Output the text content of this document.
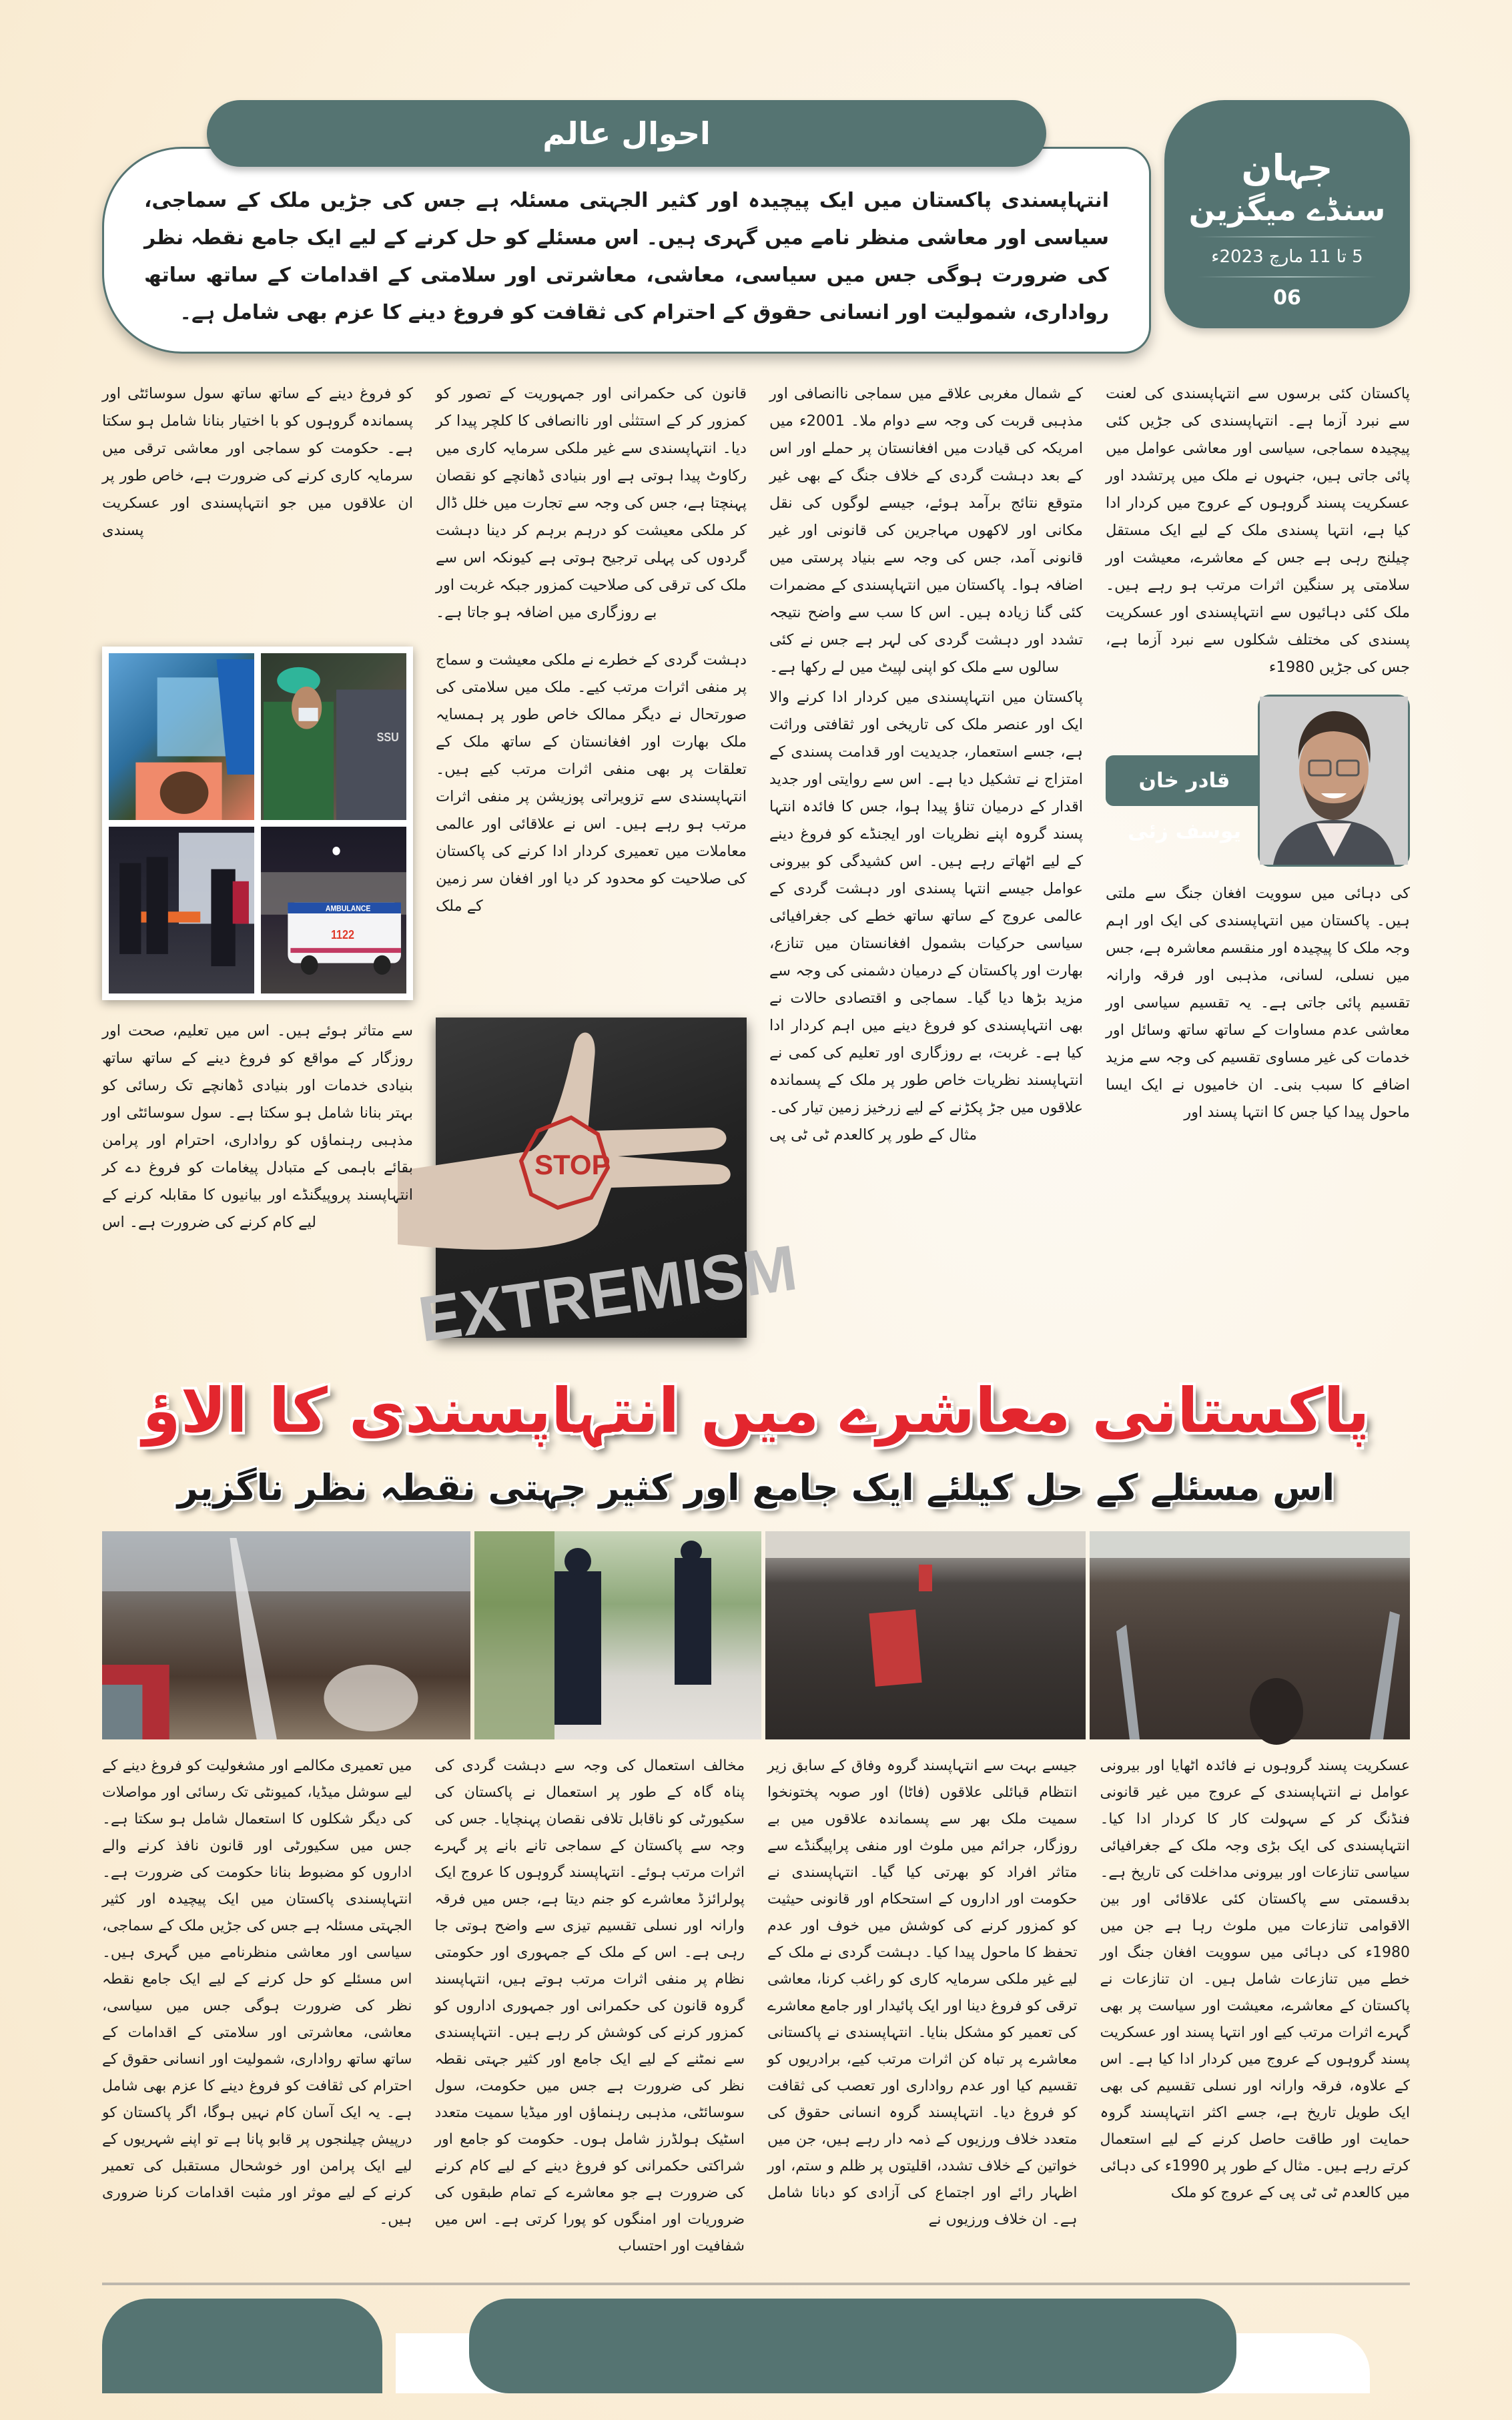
جہان
سنڈے میگزین
5 تا 11 مارچ 2023ء
06
احوال عالم
انتہاپسندی پاکستان میں ایک پیچیدہ اور کثیر الجہتی مسئلہ ہے جس کی جڑیں ملک کے سماجی، سیاسی اور معاشی منظر نامے میں گہری ہیں۔ اس مسئلے کو حل کرنے کے لیے ایک جامع نقطہ نظر کی ضرورت ہوگی جس میں سیاسی، معاشی، معاشرتی اور سلامتی کے اقدامات کے ساتھ ساتھ رواداری، شمولیت اور انسانی حقوق کے احترام کی ثقافت کو فروغ دینے کا عزم بھی شامل ہے۔

پاکستان کئی برسوں سے انتہاپسندی کی لعنت سے نبرد آزما ہے۔ انتہاپسندی کی جڑیں کئی پیچیدہ سماجی، سیاسی اور معاشی عوامل میں پائی جاتی ہیں، جنہوں نے ملک میں پرتشدد اور عسکریت پسند گروہوں کے عروج میں کردار ادا کیا ہے، انتہا پسندی ملک کے لیے ایک مستقل چیلنج رہی ہے جس کے معاشرے، معیشت اور سلامتی پر سنگین اثرات مرتب ہو رہے ہیں۔ ملک کئی دہائیوں سے انتہاپسندی اور عسکریت پسندی کی مختلف شکلوں سے نبرد آزما ہے، جس کی جڑیں 1980ء

قادر خان یوسف زئی

کی دہائی میں سوویت افغان جنگ سے ملتی ہیں۔ پاکستان میں انتہاپسندی کی ایک اور اہم وجہ ملک کا پیچیدہ اور منقسم معاشرہ ہے، جس میں نسلی، لسانی، مذہبی اور فرقہ وارانہ تقسیم پائی جاتی ہے۔ یہ تقسیم سیاسی اور معاشی عدم مساوات کے ساتھ ساتھ وسائل اور خدمات کی غیر مساوی تقسیم کی وجہ سے مزید اضافے کا سبب بنی۔ ان خامیوں نے ایک ایسا ماحول پیدا کیا جس کا انتہا پسند اور

کے شمال مغربی علاقے میں سماجی ناانصافی اور مذہبی قربت کی وجہ سے دوام ملا۔ 2001ء میں امریکہ کی قیادت میں افغانستان پر حملے اور اس کے بعد دہشت گردی کے خلاف جنگ کے بھی غیر متوقع نتائج برآمد ہوئے، جیسے لوگوں کی نقل مکانی اور لاکھوں مہاجرین کی قانونی اور غیر قانونی آمد، جس کی وجہ سے بنیاد پرستی میں اضافہ ہوا۔ پاکستان میں انتہاپسندی کے مضمرات کئی گنا زیادہ ہیں۔ اس کا سب سے واضح نتیجہ تشدد اور دہشت گردی کی لہر ہے جس نے کئی سالوں سے ملک کو اپنی لپیٹ میں لے رکھا ہے۔

پاکستان میں انتہاپسندی میں کردار ادا کرنے والا ایک اور عنصر ملک کی تاریخی اور ثقافتی وراثت ہے، جسے استعمار، جدیدیت اور قدامت پسندی کے امتزاج نے تشکیل دیا ہے۔ اس سے روایتی اور جدید اقدار کے درمیان تناؤ پیدا ہوا، جس کا فائدہ انتہا پسند گروہ اپنے نظریات اور ایجنڈے کو فروغ دینے کے لیے اٹھاتے رہے ہیں۔ اس کشیدگی کو بیرونی عوامل جیسے انتہا پسندی اور دہشت گردی کے عالمی عروج کے ساتھ ساتھ خطے کی جغرافیائی سیاسی حرکیات بشمول افغانستان میں تنازع، بھارت اور پاکستان کے درمیان دشمنی کی وجہ سے مزید بڑھا دیا گیا۔ سماجی و اقتصادی حالات نے بھی انتہاپسندی کو فروغ دینے میں اہم کردار ادا کیا ہے۔ غربت، بے روزگاری اور تعلیم کی کمی نے انتہاپسند نظریات خاص طور پر ملک کے پسماندہ علاقوں میں جڑ پکڑنے کے لیے زرخیز زمین تیار کی۔ مثال کے طور پر کالعدم ٹی ٹی پی

قانون کی حکمرانی اور جمہوریت کے تصور کو کمزور کر کے استثنٰی اور ناانصافی کا کلچر پیدا کر دیا۔ انتہاپسندی سے غیر ملکی سرمایہ کاری میں رکاوٹ پیدا ہوتی ہے اور بنیادی ڈھانچے کو نقصان پہنچتا ہے، جس کی وجہ سے تجارت میں خلل ڈال کر ملکی معیشت کو درہم برہم کر دینا دہشت گردوں کی پہلی ترجیح ہوتی ہے کیونکہ اس سے ملک کی ترقی کی صلاحیت کمزور جبکہ غربت اور بے روزگاری میں اضافہ ہو جاتا ہے۔

کو فروغ دینے کے ساتھ ساتھ سول سوسائٹی اور پسماندہ گروہوں کو با اختیار بنانا شامل ہو سکتا ہے۔ حکومت کو سماجی اور معاشی ترقی میں سرمایہ کاری کرنے کی ضرورت ہے، خاص طور پر ان علاقوں میں جو انتہاپسندی اور عسکریت پسندی

دہشت گردی کے خطرے نے ملکی معیشت و سماج پر منفی اثرات مرتب کیے۔ ملک میں سلامتی کی صورتحال نے دیگر ممالک خاص طور پر ہمسایہ ملک بھارت اور افغانستان کے ساتھ ملک کے تعلقات پر بھی منفی اثرات مرتب کیے ہیں۔ انتہاپسندی سے تزویراتی پوزیشن پر منفی اثرات مرتب ہو رہے ہیں۔ اس نے علاقائی اور عالمی معاملات میں تعمیری کردار ادا کرنے کی پاکستان کی صلاحیت کو محدود کر دیا اور افغان سر زمین کے ملک

SSU
AMBULANCE
1122
STOP
EXTREMISM

سے متاثر ہوئے ہیں۔ اس میں تعلیم، صحت اور روزگار کے مواقع کو فروغ دینے کے ساتھ ساتھ بنیادی خدمات اور بنیادی ڈھانچے تک رسائی کو بہتر بنانا شامل ہو سکتا ہے۔ سول سوسائٹی اور مذہبی رہنماؤں کو رواداری، احترام اور پرامن بقائے باہمی کے متبادل پیغامات کو فروغ دے کر انتہاپسند پروپیگنڈے اور بیانیوں کا مقابلہ کرنے کے لیے کام کرنے کی ضرورت ہے۔ اس

پاکستانی معاشرے میں انتہاپسندی کا الاؤ
اس مسئلے کے حل کیلئے ایک جامع اور کثیر جہتی نقطہ نظر ناگزیر

عسکریت پسند گروہوں نے فائدہ اٹھایا اور بیرونی عوامل نے انتہاپسندی کے عروج میں غیر قانونی فنڈنگ کر کے سہولت کار کا کردار ادا کیا۔ انتہاپسندی کی ایک بڑی وجہ ملک کے جغرافیائی سیاسی تنازعات اور بیرونی مداخلت کی تاریخ ہے۔ بدقسمتی سے پاکستان کئی علاقائی اور بین الاقوامی تنازعات میں ملوث رہا ہے جن میں 1980ء کی دہائی میں سوویت افغان جنگ اور خطے میں تنازعات شامل ہیں۔ ان تنازعات نے پاکستان کے معاشرے، معیشت اور سیاست پر بھی گہرے اثرات مرتب کیے اور انتہا پسند اور عسکریت پسند گروہوں کے عروج میں کردار ادا کیا ہے۔ اس کے علاوہ، فرقہ وارانہ اور نسلی تقسیم کی بھی ایک طویل تاریخ ہے، جسے اکثر انتہاپسند گروہ حمایت اور طاقت حاصل کرنے کے لیے استعمال کرتے رہے ہیں۔ مثال کے طور پر 1990ء کی دہائی میں کالعدم ٹی ٹی پی کے عروج کو ملک

جیسے بہت سے انتہاپسند گروہ وفاق کے سابق زیر انتظام قبائلی علاقوں (فاٹا) اور صوبہ پختونخوا سمیت ملک بھر سے پسماندہ علاقوں میں بے روزگار، جرائم میں ملوث اور منفی پراپیگنڈے سے متاثر افراد کو بھرتی کیا گیا۔ انتہاپسندی نے حکومت اور اداروں کے استحکام اور قانونی حیثیت کو کمزور کرنے کی کوشش میں خوف اور عدم تحفظ کا ماحول پیدا کیا۔ دہشت گردی نے ملک کے لیے غیر ملکی سرمایہ کاری کو راغب کرنا، معاشی ترقی کو فروغ دینا اور ایک پائیدار اور جامع معاشرے کی تعمیر کو مشکل بنایا۔ انتہاپسندی نے پاکستانی معاشرے پر تباہ کن اثرات مرتب کیے، برادریوں کو تقسیم کیا اور عدم رواداری اور تعصب کی ثقافت کو فروغ دیا۔ انتہاپسند گروہ انسانی حقوق کی متعدد خلاف ورزیوں کے ذمہ دار رہے ہیں، جن میں خواتین کے خلاف تشدد، اقلیتوں پر ظلم و ستم، اور اظہار رائے اور اجتماع کی آزادی کو دبانا شامل ہے۔ ان خلاف ورزیوں نے

مخالف استعمال کی وجہ سے دہشت گردی کی پناہ گاہ کے طور پر استعمال نے پاکستان کی سکیورٹی کو ناقابل تلافی نقصان پہنچایا۔ جس کی وجہ سے پاکستان کے سماجی تانے بانے پر گہرے اثرات مرتب ہوئے۔ انتہاپسند گروہوں کا عروج ایک پولرائزڈ معاشرے کو جنم دیتا ہے، جس میں فرقہ وارانہ اور نسلی تقسیم تیزی سے واضح ہوتی جا رہی ہے۔ اس کے ملک کے جمہوری اور حکومتی نظام پر منفی اثرات مرتب ہوتے ہیں، انتہاپسند گروہ قانون کی حکمرانی اور جمہوری اداروں کو کمزور کرنے کی کوشش کر رہے ہیں۔ انتہاپسندی سے نمٹنے کے لیے ایک جامع اور کثیر جہتی نقطہ نظر کی ضرورت ہے جس میں حکومت، سول سوسائٹی، مذہبی رہنماؤں اور میڈیا سمیت متعدد اسٹیک ہولڈرز شامل ہوں۔ حکومت کو جامع اور شراکتی حکمرانی کو فروغ دینے کے لیے کام کرنے کی ضرورت ہے جو معاشرے کے تمام طبقوں کی ضروریات اور امنگوں کو پورا کرتی ہے۔ اس میں شفافیت اور احتساب

میں تعمیری مکالمے اور مشغولیت کو فروغ دینے کے لیے سوشل میڈیا، کمیونٹی تک رسائی اور مواصلات کی دیگر شکلوں کا استعمال شامل ہو سکتا ہے۔ جس میں سکیورٹی اور قانون نافذ کرنے والے اداروں کو مضبوط بنانا حکومت کی ضرورت ہے۔ انتہاپسندی پاکستان میں ایک پیچیدہ اور کثیر الجہتی مسئلہ ہے جس کی جڑیں ملک کے سماجی، سیاسی اور معاشی منظرنامے میں گہری ہیں۔ اس مسئلے کو حل کرنے کے لیے ایک جامع نقطہ نظر کی ضرورت ہوگی جس میں سیاسی، معاشی، معاشرتی اور سلامتی کے اقدامات کے ساتھ ساتھ رواداری، شمولیت اور انسانی حقوق کے احترام کی ثقافت کو فروغ دینے کا عزم بھی شامل ہے۔ یہ ایک آسان کام نہیں ہوگا، اگر پاکستان کو درپیش چیلنجوں پر قابو پانا ہے تو اپنے شہریوں کے لیے ایک پرامن اور خوشحال مستقبل کی تعمیر کرنے کے لیے موثر اور مثبت اقدامات کرنا ضروری ہیں۔
